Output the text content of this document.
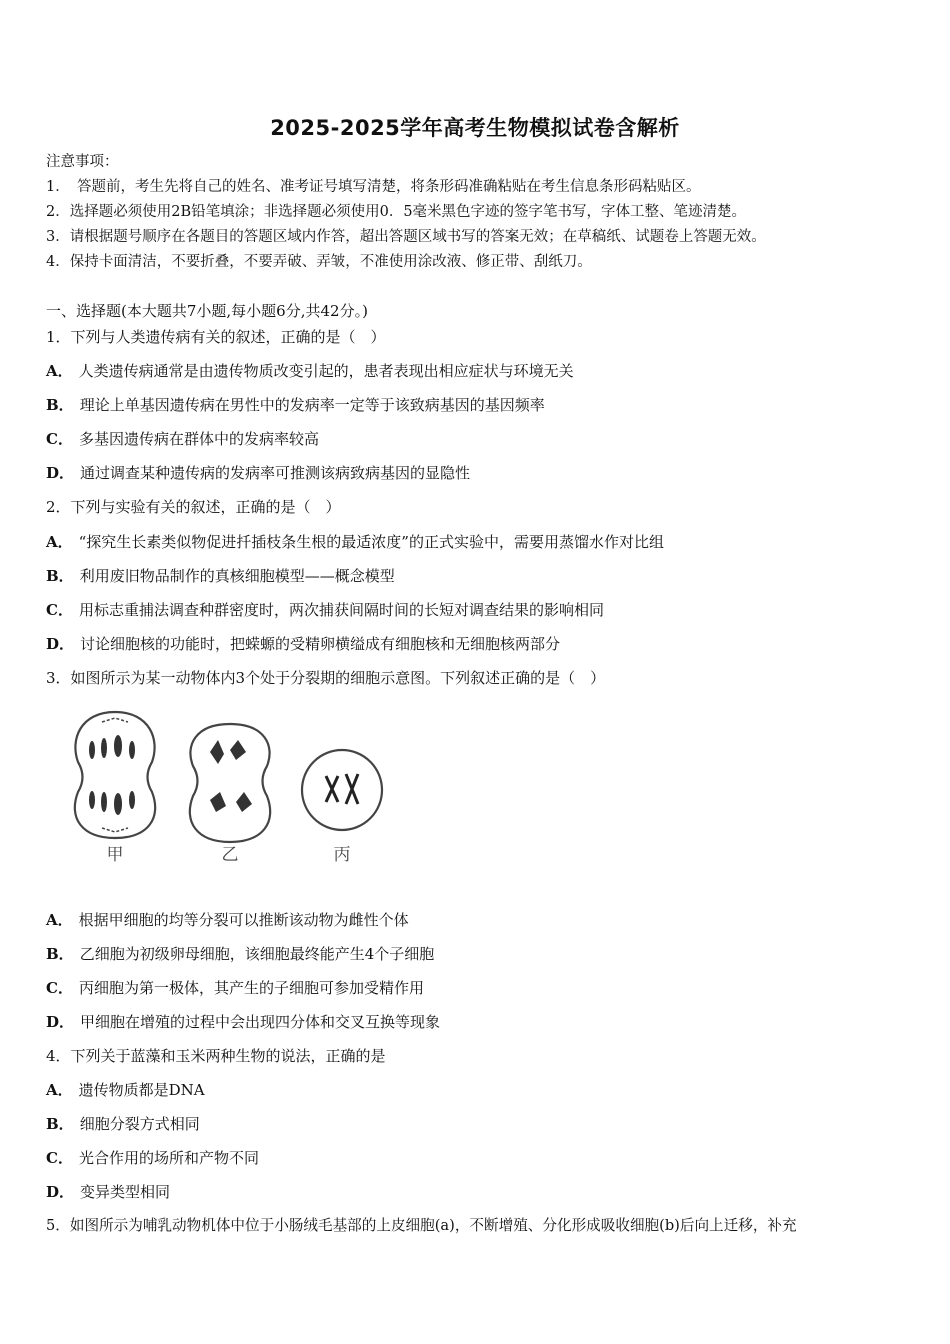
2025-2025学年高考生物模拟试卷含解析
注意事项：
1．　答题前，考生先将自己的姓名、准考证号填写清楚，将条形码准确粘贴在考生信息条形码粘贴区。
2．选择题必须使用2B铅笔填涂；非选择题必须使用0．5毫米黑色字迹的签字笔书写，字体工整、笔迹清楚。
3．请根据题号顺序在各题目的答题区域内作答，超出答题区域书写的答案无效；在草稿纸、试题卷上答题无效。
4．保持卡面清洁，不要折叠，不要弄破、弄皱，不准使用涂改液、修正带、刮纸刀。
一、选择题(本大题共7小题,每小题6分,共42分。)
1．下列与人类遗传病有关的叙述，正确的是（　）
A． 人类遗传病通常是由遗传物质改变引起的，患者表现出相应症状与环境无关
B． 理论上单基因遗传病在男性中的发病率一定等于该致病基因的基因频率
C． 多基因遗传病在群体中的发病率较高
D． 通过调查某种遗传病的发病率可推测该病致病基因的显隐性
2．下列与实验有关的叙述，正确的是（　）
A． “探究生长素类似物促进扦插枝条生根的最适浓度”的正式实验中，需要用蒸馏水作对比组
B． 利用废旧物品制作的真核细胞模型——概念模型
C． 用标志重捕法调查种群密度时，两次捕获间隔时间的长短对调查结果的影响相同
D． 讨论细胞核的功能时，把蝾螈的受精卵横缢成有细胞核和无细胞核两部分
3．如图所示为某一动物体内3个处于分裂期的细胞示意图。下列叙述正确的是（　）
甲	乙	丙
A． 根据甲细胞的均等分裂可以推断该动物为雌性个体
B． 乙细胞为初级卵母细胞，该细胞最终能产生4个子细胞
C． 丙细胞为第一极体，其产生的子细胞可参加受精作用
D． 甲细胞在增殖的过程中会出现四分体和交叉互换等现象
4．下列关于蓝藻和玉米两种生物的说法，正确的是
A． 遗传物质都是DNA
B． 细胞分裂方式相同
C． 光合作用的场所和产物不同
D． 变异类型相同
5．如图所示为哺乳动物机体中位于小肠绒毛基部的上皮细胞(a)，不断增殖、分化形成吸收细胞(b)后向上迁移，补充
